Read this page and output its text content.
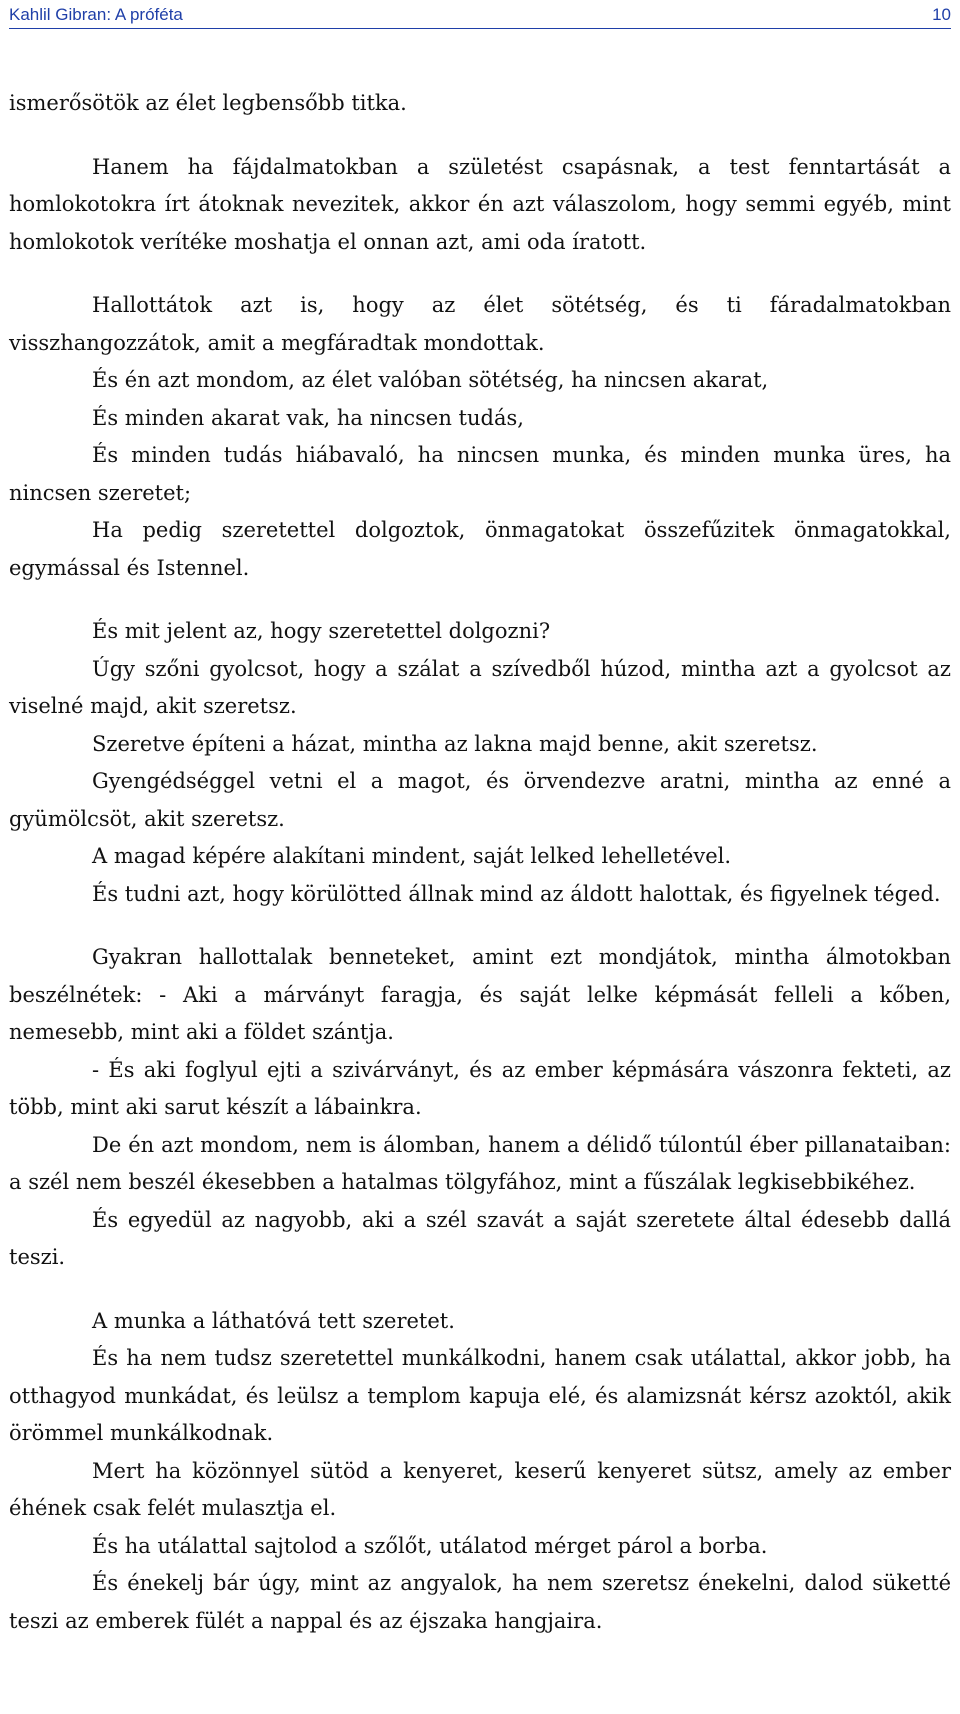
Kahlil Gibran: A próféta	10

ismerősötök az élet legbensőbb titka.

Hanem ha fájdalmatokban a születést csapásnak, a test fenntartását a homlokotokra írt átoknak nevezitek, akkor én azt válaszolom, hogy semmi egyéb, mint homlokotok verítéke moshatja el onnan azt, ami oda íratott.

Hallottátok azt is, hogy az élet sötétség, és ti fáradalmatokban visszhangozzátok, amit a megfáradtak mondottak.

És én azt mondom, az élet valóban sötétség, ha nincsen akarat,

És minden akarat vak, ha nincsen tudás,

És minden tudás hiábavaló, ha nincsen munka, és minden munka üres, ha nincsen szeretet;

Ha pedig szeretettel dolgoztok, önmagatokat összefűzitek önmagatokkal, egymással és Istennel.

És mit jelent az, hogy szeretettel dolgozni?

Úgy szőni gyolcsot, hogy a szálat a szívedből húzod, mintha azt a gyolcsot az viselné majd, akit szeretsz.

Szeretve építeni a házat, mintha az lakna majd benne, akit szeretsz.

Gyengédséggel vetni el a magot, és örvendezve aratni, mintha az enné a gyümölcsöt, akit szeretsz.

A magad képére alakítani mindent, saját lelked lehelletével.

És tudni azt, hogy körülötted állnak mind az áldott halottak, és figyelnek téged.

Gyakran hallottalak benneteket, amint ezt mondjátok, mintha álmotokban beszélnétek: - Aki a márványt faragja, és saját lelke képmását felleli a kőben, nemesebb, mint aki a földet szántja.

- És aki foglyul ejti a szivárványt, és az ember képmására vászonra fekteti, az több, mint aki sarut készít a lábainkra.

De én azt mondom, nem is álomban, hanem a délidő túlontúl éber pillanataiban: a szél nem beszél ékesebben a hatalmas tölgyfához, mint a fűszálak legkisebbikéhez.

És egyedül az nagyobb, aki a szél szavát a saját szeretete által édesebb dallá teszi.

A munka a láthatóvá tett szeretet.

És ha nem tudsz szeretettel munkálkodni, hanem csak utálattal, akkor jobb, ha otthagyod munkádat, és leülsz a templom kapuja elé, és alamizsnát kérsz azoktól, akik örömmel munkálkodnak.

Mert ha közönnyel sütöd a kenyeret, keserű kenyeret sütsz, amely az ember éhének csak felét mulasztja el.

És ha utálattal sajtolod a szőlőt, utálatod mérget párol a borba.

És énekelj bár úgy, mint az angyalok, ha nem szeretsz énekelni, dalod süketté teszi az emberek fülét a nappal és az éjszaka hangjaira.
